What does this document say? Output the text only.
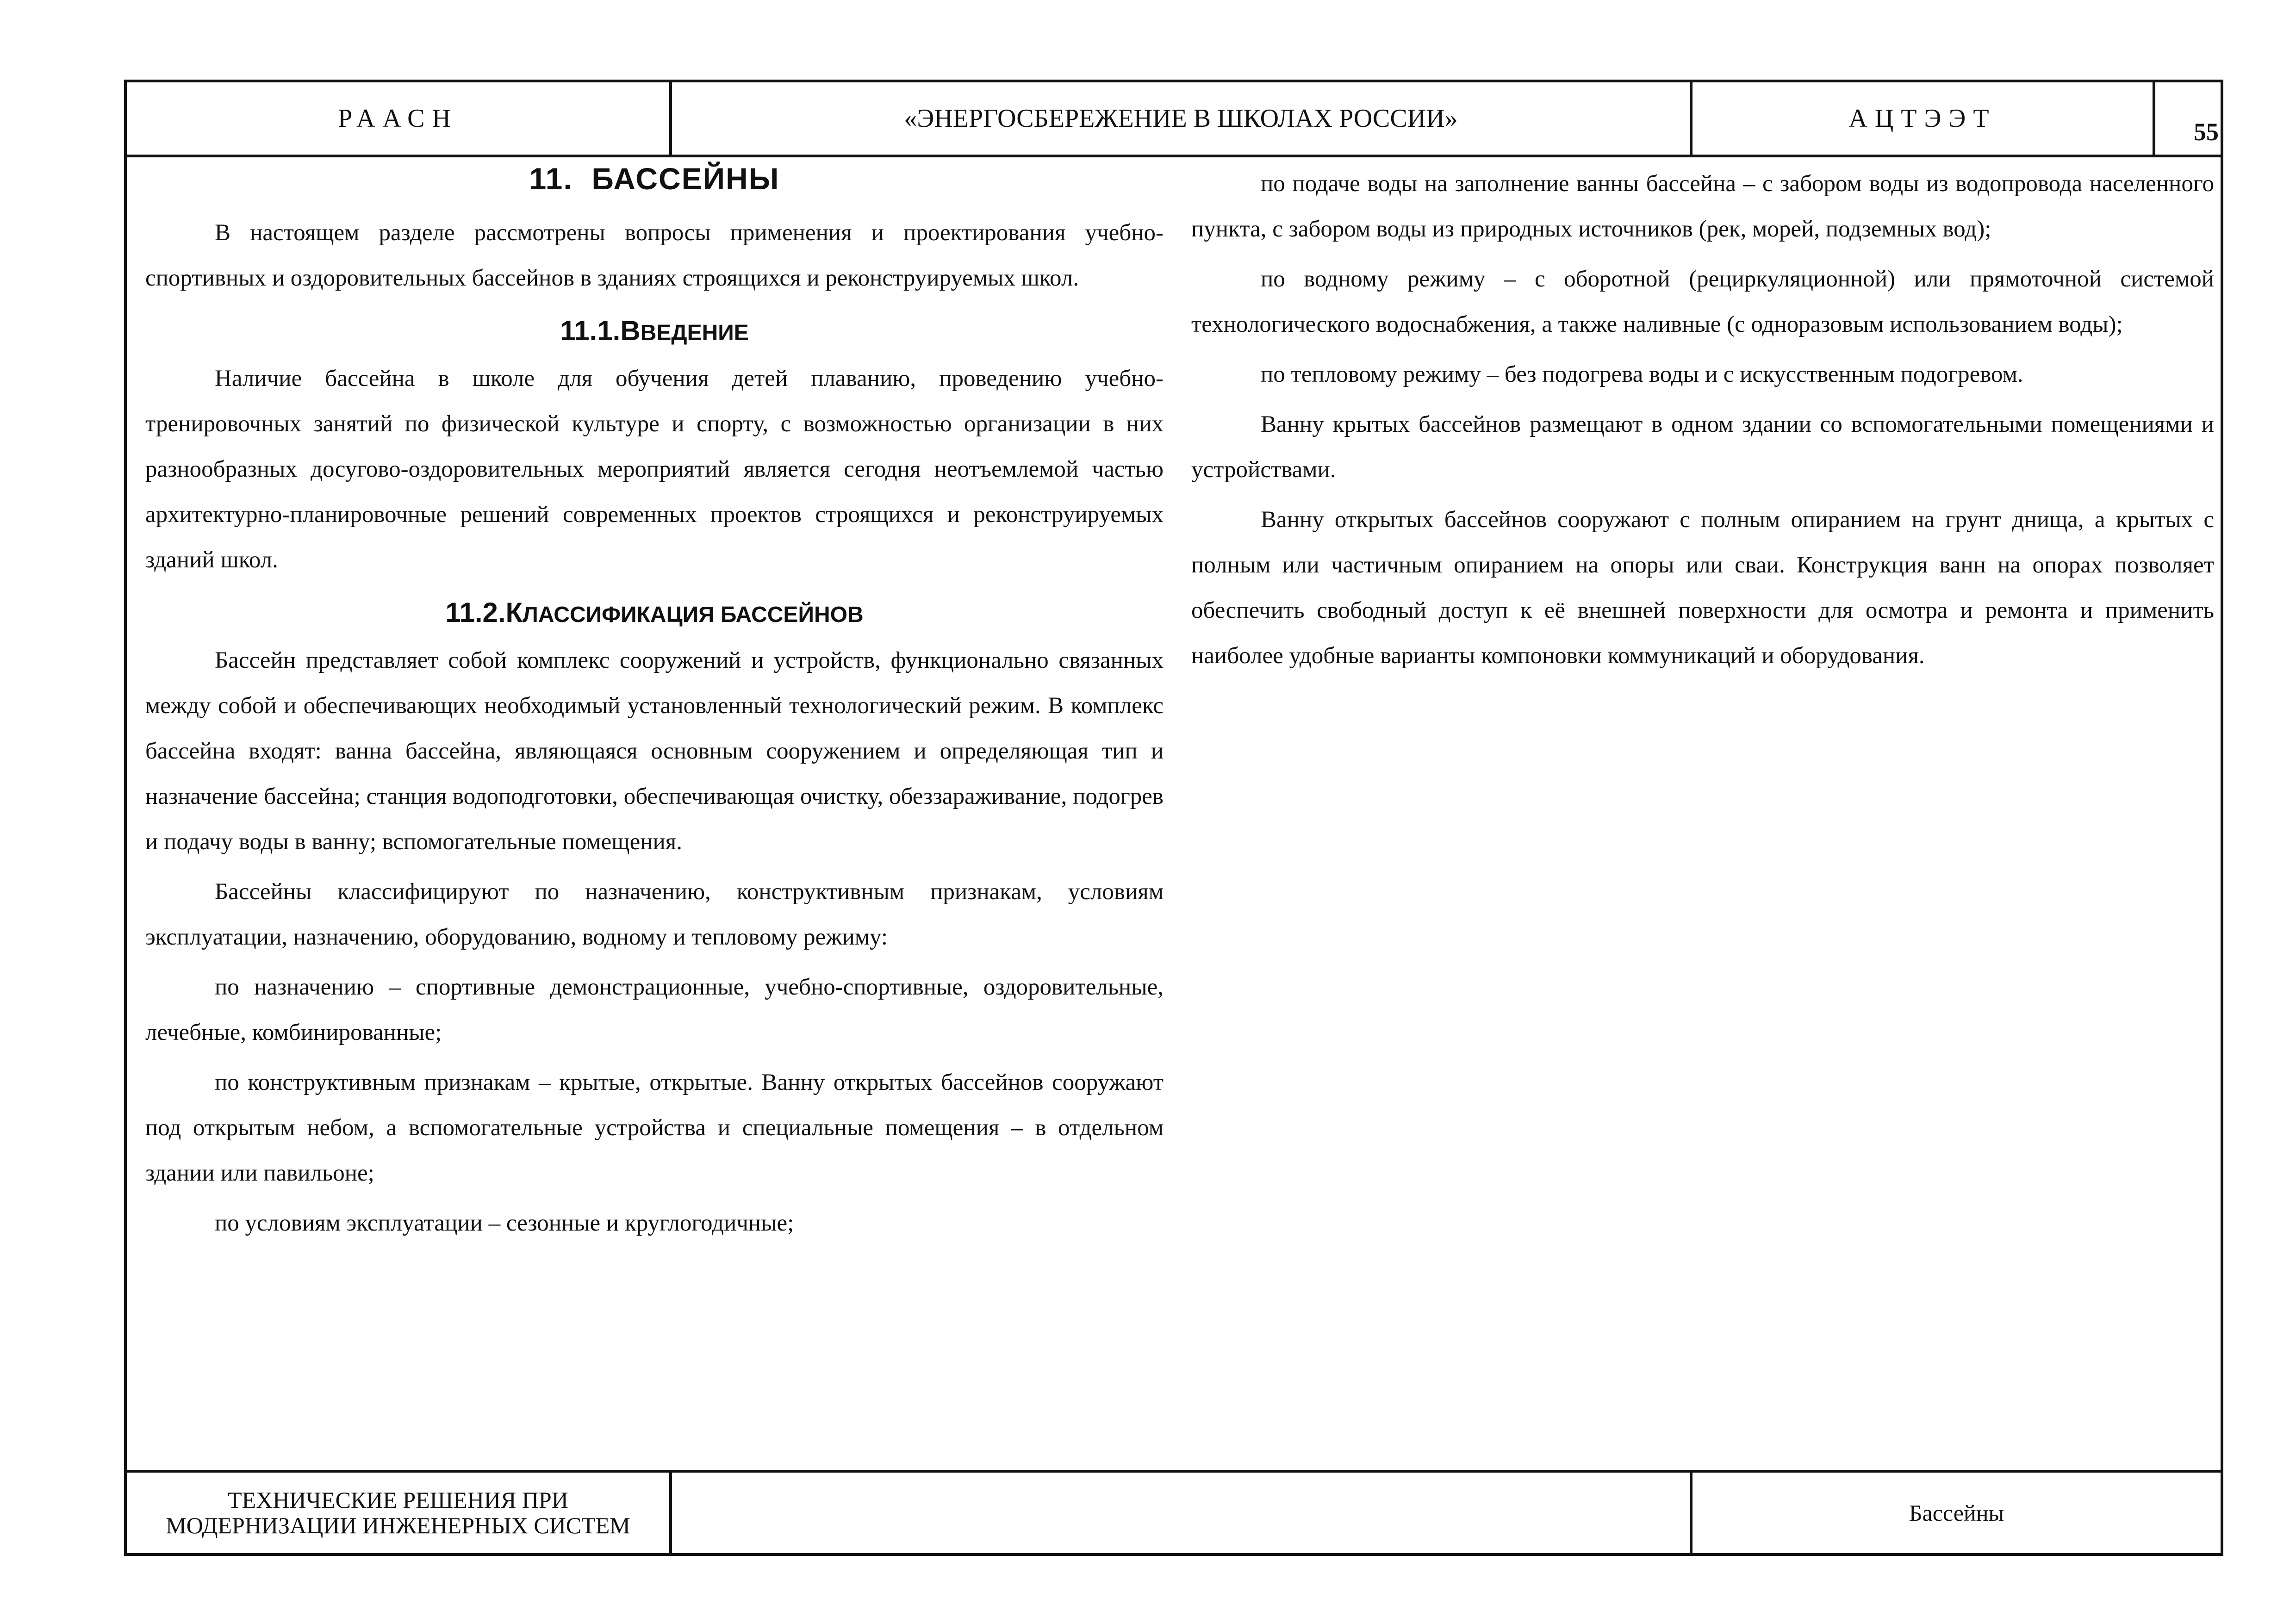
РААСН	«ЭНЕРГОСБЕРЕЖЕНИЕ В ШКОЛАХ РОССИИ»	АЦТЭЭТ	55
11. БАССЕЙНЫ

В настоящем разделе рассмотрены вопросы применения и проектирования учебно-спортивных и оздоровительных бассейнов в зданиях строящихся и реконструируемых школ.

11.1.ВВЕДЕНИЕ

Наличие бассейна в школе для обучения детей плаванию, проведению учебно-тренировочных занятий по физической культуре и спорту, с возможностью организации в них разнообразных досугово-оздоровительных мероприятий является сегодня неотъемлемой частью архитектурно-планировочные решений современных проектов строящихся и реконструируемых зданий школ.

11.2.КЛАССИФИКАЦИЯ БАССЕЙНОВ

Бассейн представляет собой комплекс сооружений и устройств, функционально связанных между собой и обеспечивающих необходимый установленный технологический режим. В комплекс бассейна входят: ванна бассейна, являющаяся основным сооружением и определяющая тип и назначение бассейна; станция водоподготовки, обеспечивающая очистку, обеззараживание, подогрев и подачу воды в ванну; вспомогательные помещения.

Бассейны классифицируют по назначению, конструктивным признакам, условиям эксплуатации, назначению, оборудованию, водному и тепловому режиму:

по назначению – спортивные демонстрационные, учебно-спортивные, оздоровительные, лечебные, комбинированные;

по конструктивным признакам – крытые, открытые. Ванну открытых бассейнов сооружают под открытым небом, а вспомогательные устройства и специальные помещения – в отдельном здании или павильоне;

по условиям эксплуатации – сезонные и круглогодичные;

по подаче воды на заполнение ванны бассейна – с забором воды из водопровода населенного пункта, с забором воды из природных источников (рек, морей, подземных вод);

по водному режиму – с оборотной (рециркуляционной) или прямоточной системой технологического водоснабжения, а также наливные (с одноразовым использованием воды);

по тепловому режиму – без подогрева воды и с искусственным подогревом.

Ванну крытых бассейнов размещают в одном здании со вспомогательными помещениями и устройствами.

Ванну открытых бассейнов сооружают с полным опиранием на грунт днища, а крытых с полным или частичным опиранием на опоры или сваи. Конструкция ванн на опорах позволяет обеспечить свободный доступ к её внешней поверхности для осмотра и ремонта и применить наиболее удобные варианты компоновки коммуникаций и оборудования.

ТЕХНИЧЕСКИЕ РЕШЕНИЯ ПРИ
МОДЕРНИЗАЦИИ ИНЖЕНЕРНЫХ СИСТЕМ	Бассейны
